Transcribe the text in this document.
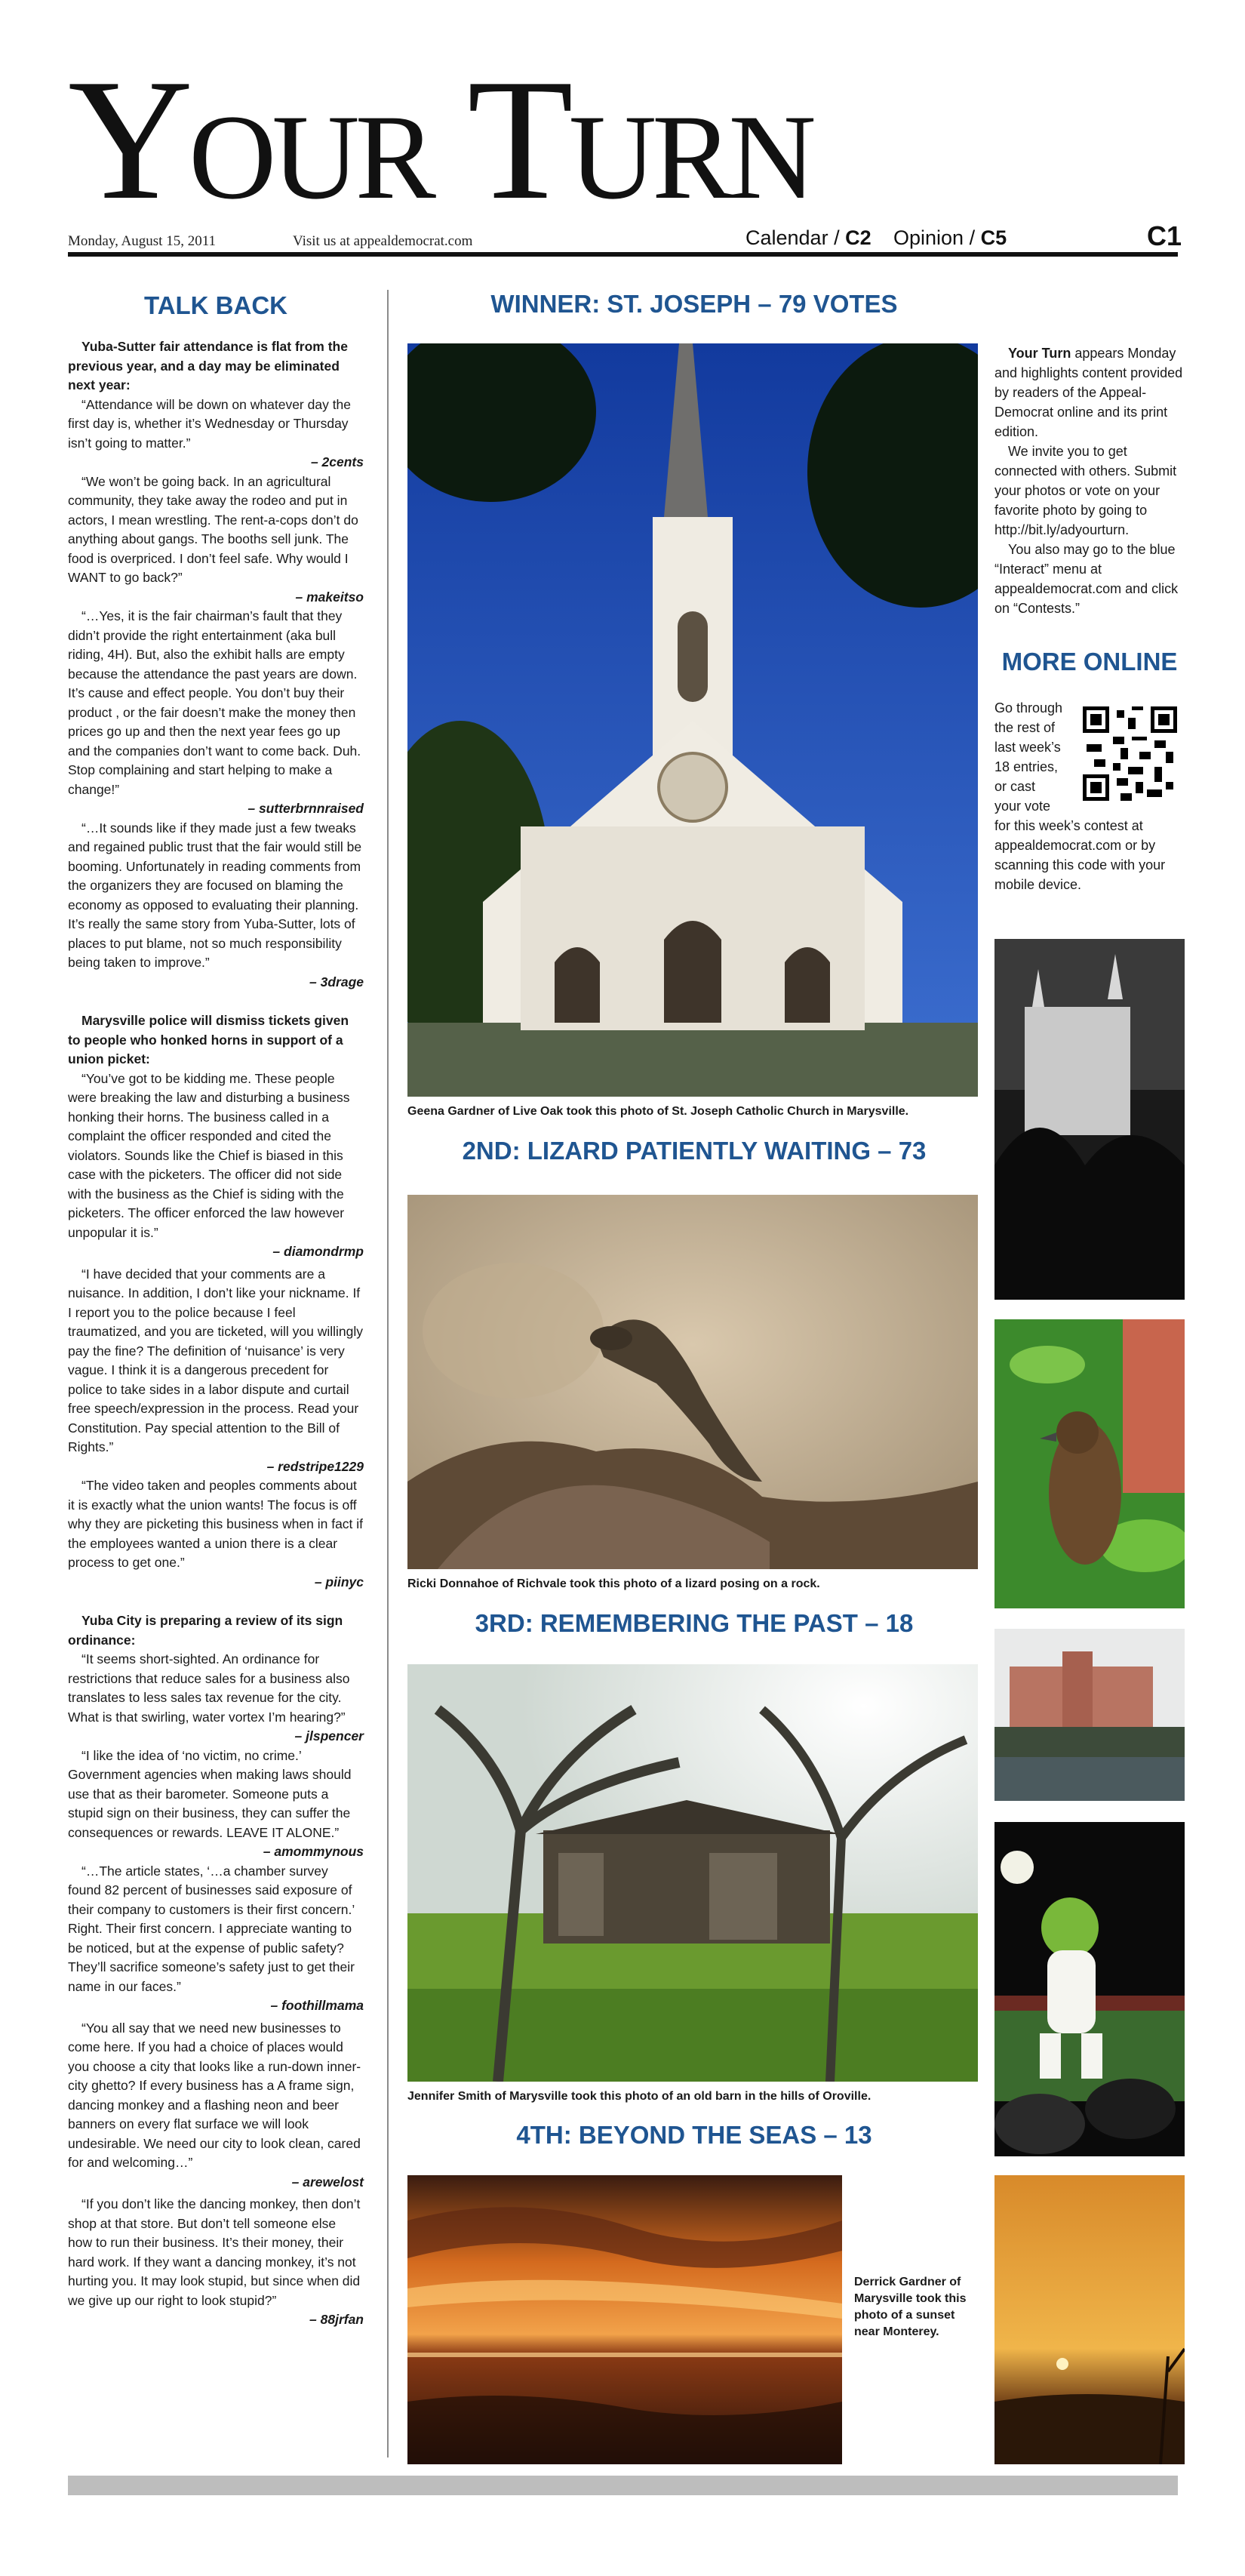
Your Turn
Monday, August 15, 2011	Visit us at appealdemocrat.com	Calendar / C2 Opinion / C5	C1
TALK BACK

Yuba-Sutter fair attendance is flat from the previous year, and a day may be eliminated next year:

“Attendance will be down on whatever day the first day is, whether it’s Wednesday or Thursday isn’t going to matter.”

– 2cents

“We won’t be going back. In an agricultural community, they take away the rodeo and put in actors, I mean wrestling. The rent-a-cops don’t do anything about gangs. The booths sell junk. The food is overpriced. I don’t feel safe. Why would I WANT to go back?”

– makeitso

“…Yes, it is the fair chairman’s fault that they didn’t provide the right entertainment (aka bull riding, 4H). But, also the exhibit halls are empty because the attendance the past years are down. It’s cause and effect people. You don’t buy their product , or the fair doesn’t make the money then prices go up and then the next year fees go up and the companies don’t want to come back. Duh. Stop complaining and start helping to make a change!”

– sutterbrnnraised

“…It sounds like if they made just a few tweaks and regained public trust that the fair would still be booming. Unfortunately in reading comments from the organizers they are focused on blaming the economy as opposed to evaluating their planning. It’s really the same story from Yuba-Sutter, lots of places to put blame, not so much responsibility being taken to improve.”

– 3drage

Marysville police will dismiss tickets given to people who honked horns in support of a union picket:

“You’ve got to be kidding me. These people were breaking the law and disturbing a business honking their horns. The business called in a complaint the officer responded and cited the violators. Sounds like the Chief is biased in this case with the picketers. The officer did not side with the business as the Chief is siding with the picketers. The officer enforced the law however unpopular it is.”

– diamondrmp

“I have decided that your comments are a nuisance. In addition, I don’t like your nickname. If I report you to the police because I feel traumatized, and you are ticketed, will you willingly pay the fine? The definition of ‘nuisance’ is very vague. I think it is a dangerous precedent for police to take sides in a labor dispute and curtail free speech/expression in the process. Read your Constitution. Pay special attention to the Bill of Rights.”

– redstripe1229

“The video taken and peoples comments about it is exactly what the union wants! The focus is off why they are picketing this business when in fact if the employees wanted a union there is a clear process to get one.”

– piinyc

Yuba City is preparing a review of its sign ordinance:

“It seems short-sighted. An ordinance for restrictions that reduce sales for a business also translates to less sales tax revenue for the city. What is that swirling, water vortex I’m hearing?”

– jlspencer

“I like the idea of ‘no victim, no crime.’ Government agencies when making laws should use that as their barometer. Someone puts a stupid sign on their business, they can suffer the consequences or rewards. LEAVE IT ALONE.”

– amommynous

“…The article states, ‘…a chamber survey found 82 percent of businesses said exposure of their company to customers is their first concern.’ Right. Their first concern. I appreciate wanting to be noticed, but at the expense of public safety? They’ll sacrifice someone’s safety just to get their name in our faces.”

– foothillmama

“You all say that we need new businesses to come here. If you had a choice of places would you choose a city that looks like a run-down inner-city ghetto? If every business has a A frame sign, dancing monkey and a flashing neon and beer banners on every flat surface we will look undesirable. We need our city to look clean, cared for and welcoming…”

– arewelost

“If you don’t like the dancing monkey, then don’t shop at that store. But don’t tell someone else how to run their business. It’s their money, their hard work. If they want a dancing monkey, it’s not hurting you. It may look stupid, but since when did we give up our right to look stupid?”

– 88jrfan

WINNER: ST. JOSEPH – 79 VOTES
Geena Gardner of Live Oak took this photo of St. Joseph Catholic Church in Marysville.
2ND: LIZARD PATIENTLY WAITING – 73
Ricki Donnahoe of Richvale took this photo of a lizard posing on a rock.
3RD: REMEMBERING THE PAST – 18
Jennifer Smith of Marysville took this photo of an old barn in the hills of Oroville.
4TH: BEYOND THE SEAS – 13
Derrick Gardner of Marysville took this photo of a sunset near Monterey.

Your Turn appears Monday and highlights content provided by readers of the Appeal-Democrat online and its print edition.

We invite you to get connected with others. Submit your photos or vote on your favorite photo by going to http://bit.ly/adyourturn.

You also may go to the blue “Interact” menu at appealdemocrat.com and click on “Contests.”

MORE ONLINE

Go through

the rest of

last week’s

18 entries,

or cast

your vote

for this week’s contest at appealdemocrat.com or by scanning this code with your mobile device.
